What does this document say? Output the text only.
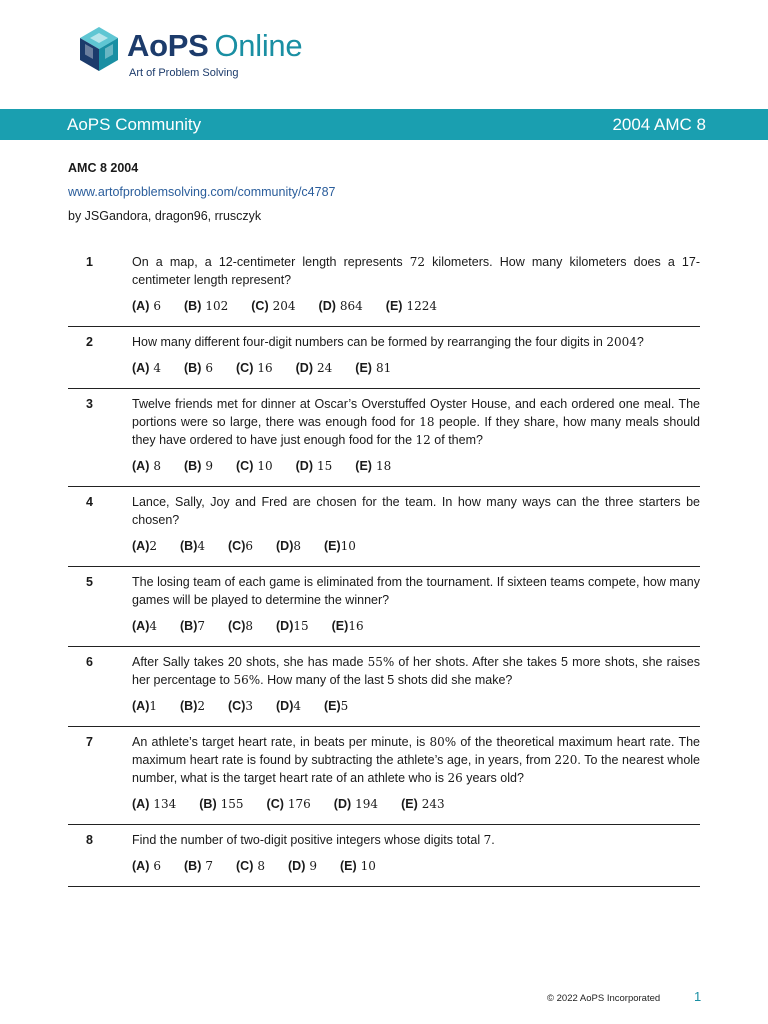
AoPS Online
Art of Problem Solving
AoPS Community	2004 AMC 8
AMC 8 2004
www.artofproblemsolving.com/community/c4787
by JSGandora, dragon96, rrusczyk
1	On a map, a 12-centimeter length represents 72 kilometers. How many kilometers does a 17-centimeter length represent?
(A) 6 (B) 102 (C) 204 (D) 864 (E) 1224
2	How many different four-digit numbers can be formed by rearranging the four digits in 2004?
(A) 4 (B) 6 (C) 16 (D) 24 (E) 81
3	Twelve friends met for dinner at Oscar’s Overstuffed Oyster House, and each ordered one meal. The portions were so large, there was enough food for 18 people. If they share, how many meals should they have ordered to have just enough food for the 12 of them?
(A) 8 (B) 9 (C) 10 (D) 15 (E) 18
4	Lance, Sally, Joy and Fred are chosen for the team. In how many ways can the three starters be chosen?
(A)2 (B)4 (C)6 (D)8 (E)10
5	The losing team of each game is eliminated from the tournament. If sixteen teams compete, how many games will be played to determine the winner?
(A)4 (B)7 (C)8 (D)15 (E)16
6	After Sally takes 20 shots, she has made 55% of her shots. After she takes 5 more shots, she raises her percentage to 56%. How many of the last 5 shots did she make?
(A)1 (B)2 (C)3 (D)4 (E)5
7	An athlete’s target heart rate, in beats per minute, is 80% of the theoretical maximum heart rate. The maximum heart rate is found by subtracting the athlete’s age, in years, from 220. To the nearest whole number, what is the target heart rate of an athlete who is 26 years old?
(A) 134 (B) 155 (C) 176 (D) 194 (E) 243
8	Find the number of two-digit positive integers whose digits total 7.
(A) 6 (B) 7 (C) 8 (D) 9 (E) 10
© 2022 AoPS Incorporated	1
